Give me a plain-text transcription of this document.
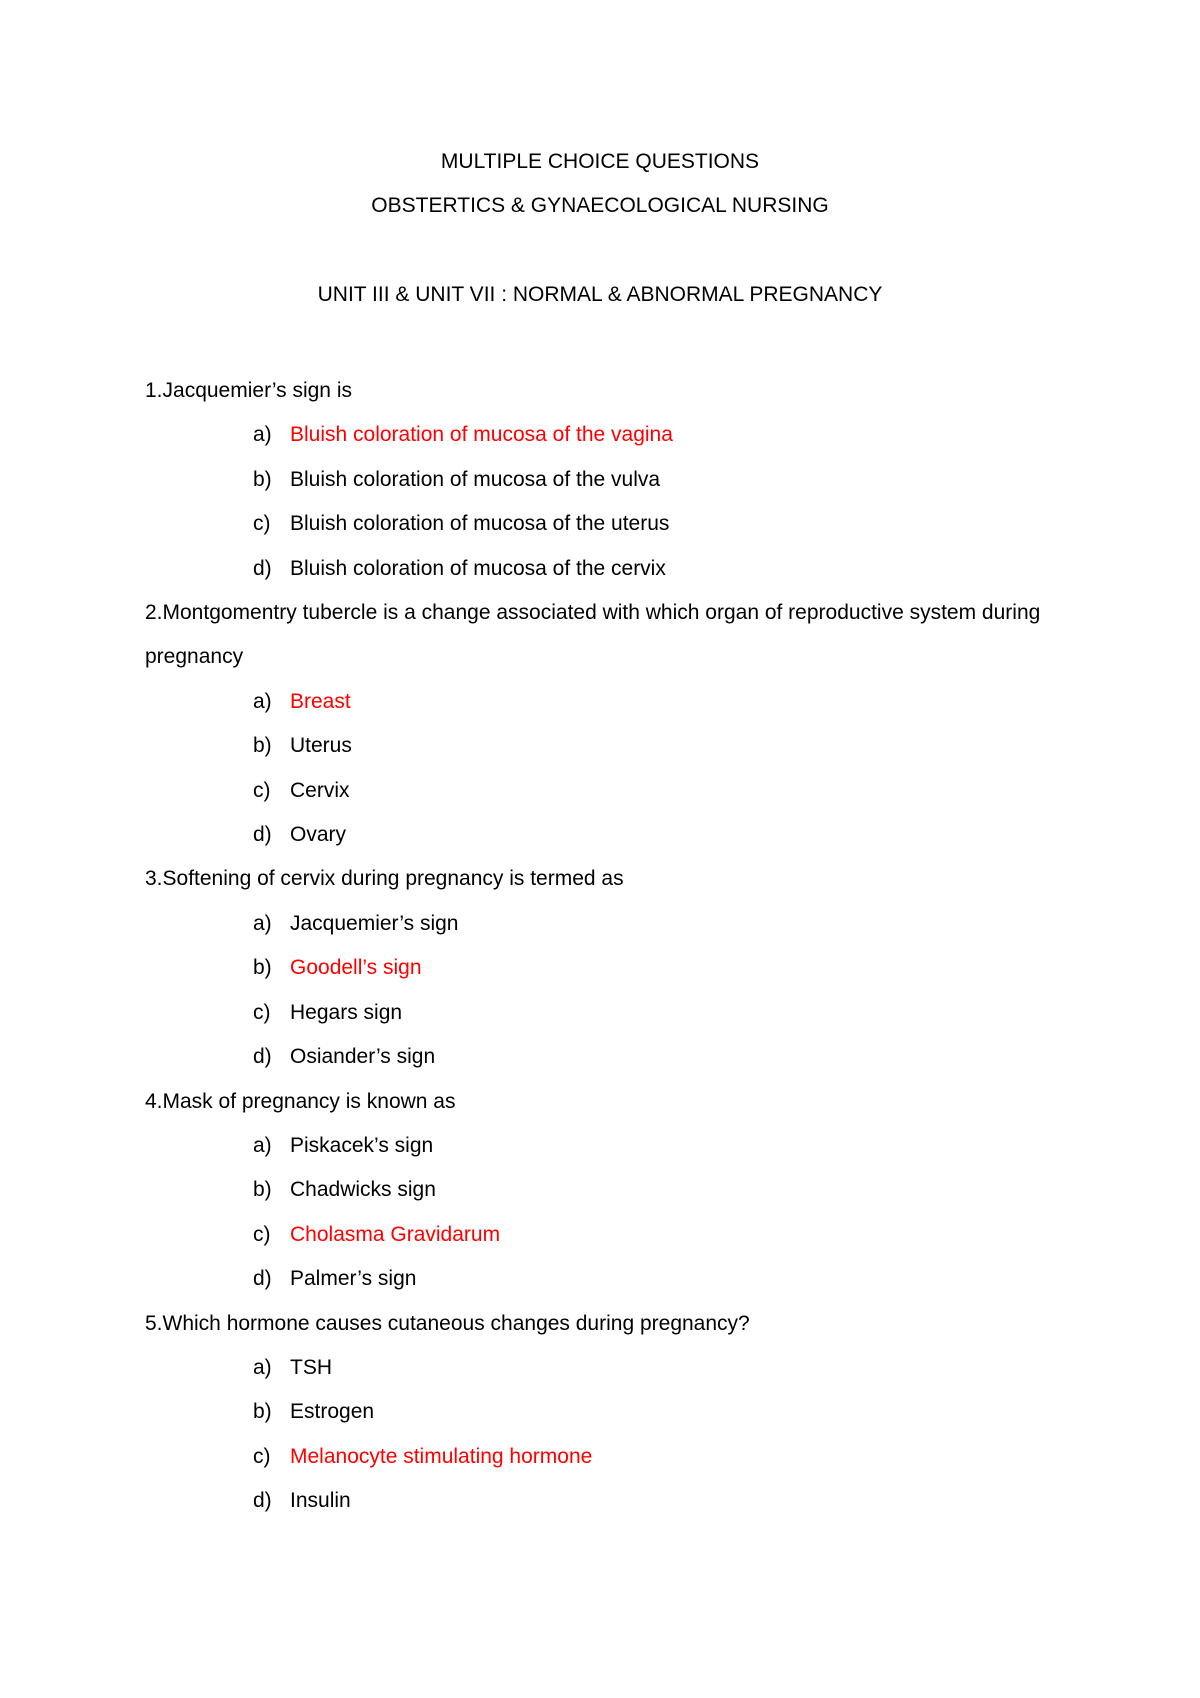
MULTIPLE CHOICE QUESTIONS
OBSTERTICS & GYNAECOLOGICAL NURSING
UNIT III & UNIT VII : NORMAL & ABNORMAL PREGNANCY
1.Jacquemier’s sign is
a) Bluish coloration of mucosa of the vagina
b) Bluish coloration of mucosa of the vulva
c) Bluish coloration of mucosa of the uterus
d) Bluish coloration of mucosa of the cervix
2.Montgomentry tubercle is a change associated with which organ of reproductive system during pregnancy
a) Breast
b) Uterus
c) Cervix
d) Ovary
3.Softening of cervix during pregnancy is termed as
a) Jacquemier’s sign
b) Goodell’s sign
c) Hegars sign
d) Osiander’s sign
4.Mask of pregnancy is known as
a) Piskacek’s sign
b) Chadwicks sign
c) Cholasma Gravidarum
d) Palmer’s sign
5.Which hormone causes cutaneous changes during pregnancy?
a) TSH
b) Estrogen
c) Melanocyte stimulating hormone
d) Insulin
